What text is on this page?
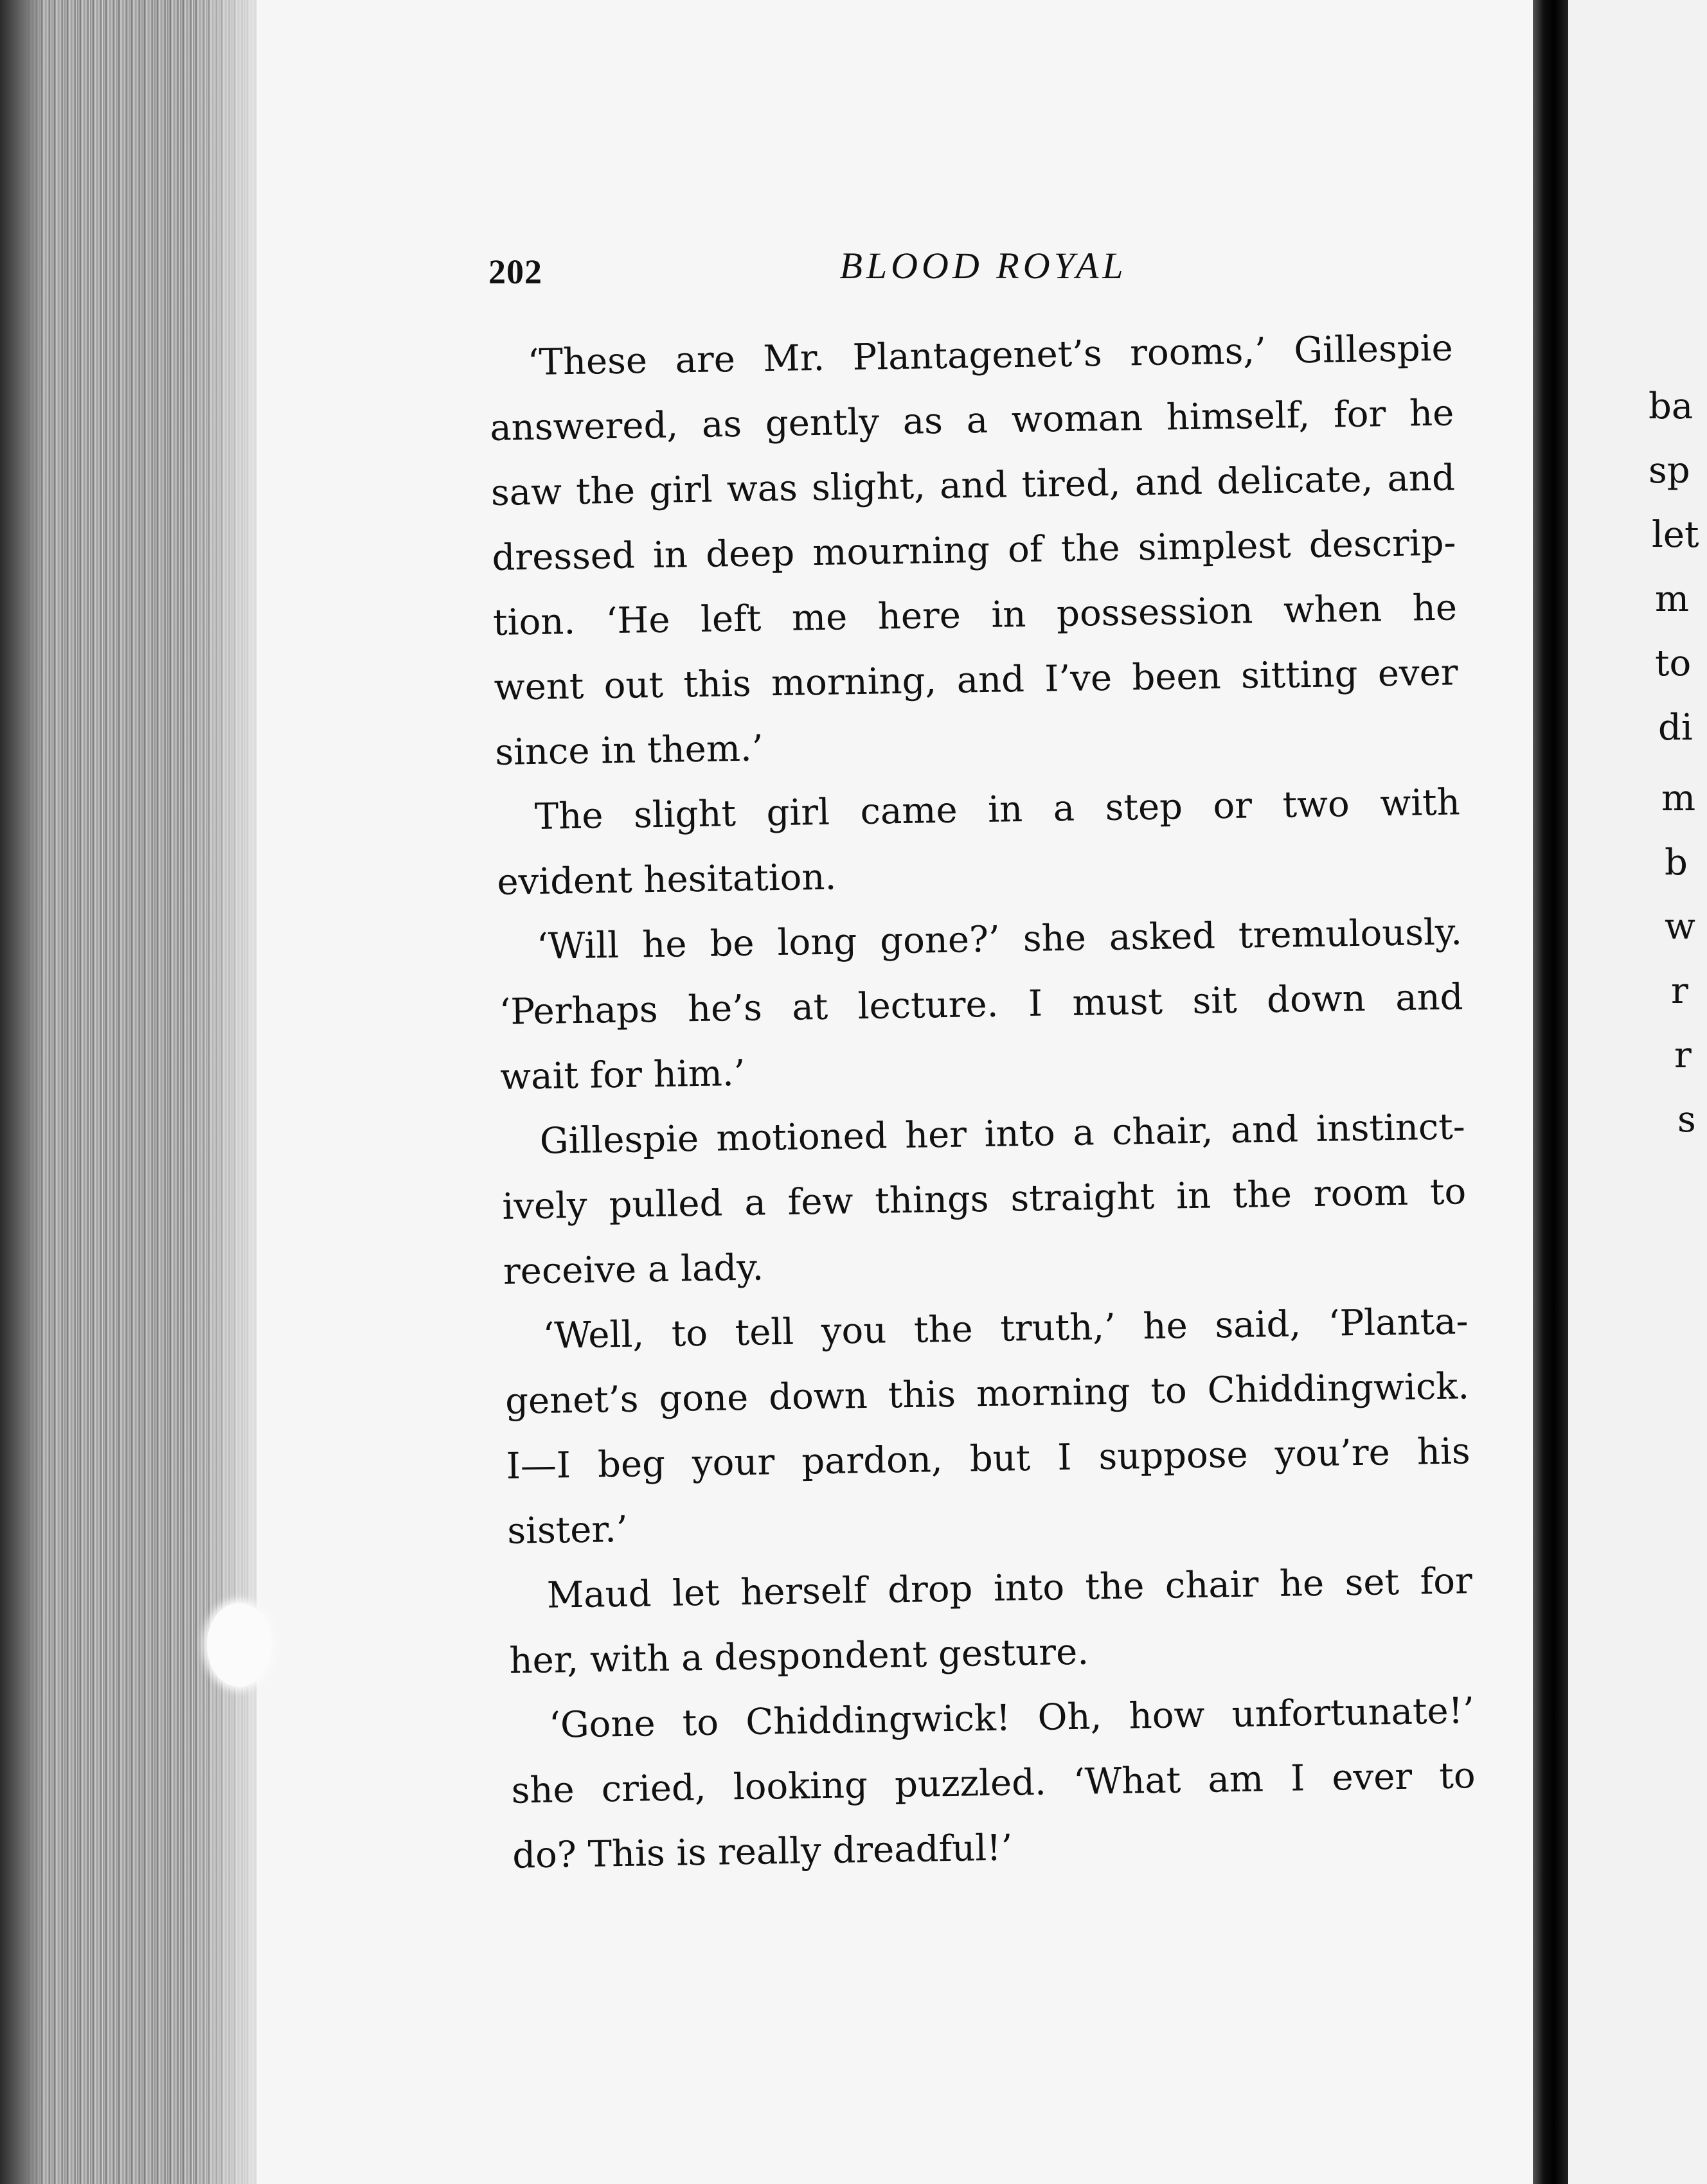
202	BLOOD ROYAL

‘These are Mr. Plantagenet’s rooms,’ Gillespie
answered, as gently as a woman himself, for he
saw the girl was slight, and tired, and delicate, and
dressed in deep mourning of the simplest descrip-
tion. ‘He left me here in possession when he
went out this morning, and I’ve been sitting ever
since in them.’

The slight girl came in a step or two with
evident hesitation.

‘Will he be long gone?’ she asked tremulously.
‘Perhaps he’s at lecture. I must sit down and
wait for him.’

Gillespie motioned her into a chair, and instinct-
ively pulled a few things straight in the room to
receive a lady.

‘Well, to tell you the truth,’ he said, ‘Planta-
genet’s gone down this morning to Chiddingwick.
I—I beg your pardon, but I suppose you’re his
sister.’

Maud let herself drop into the chair he set for
her, with a despondent gesture.

‘Gone to Chiddingwick! Oh, how unfortunate!’
she cried, looking puzzled. ‘What am I ever to
do? This is really dreadful!’

ba
sp
let
m
to
di
m
b
w
r
r
s
